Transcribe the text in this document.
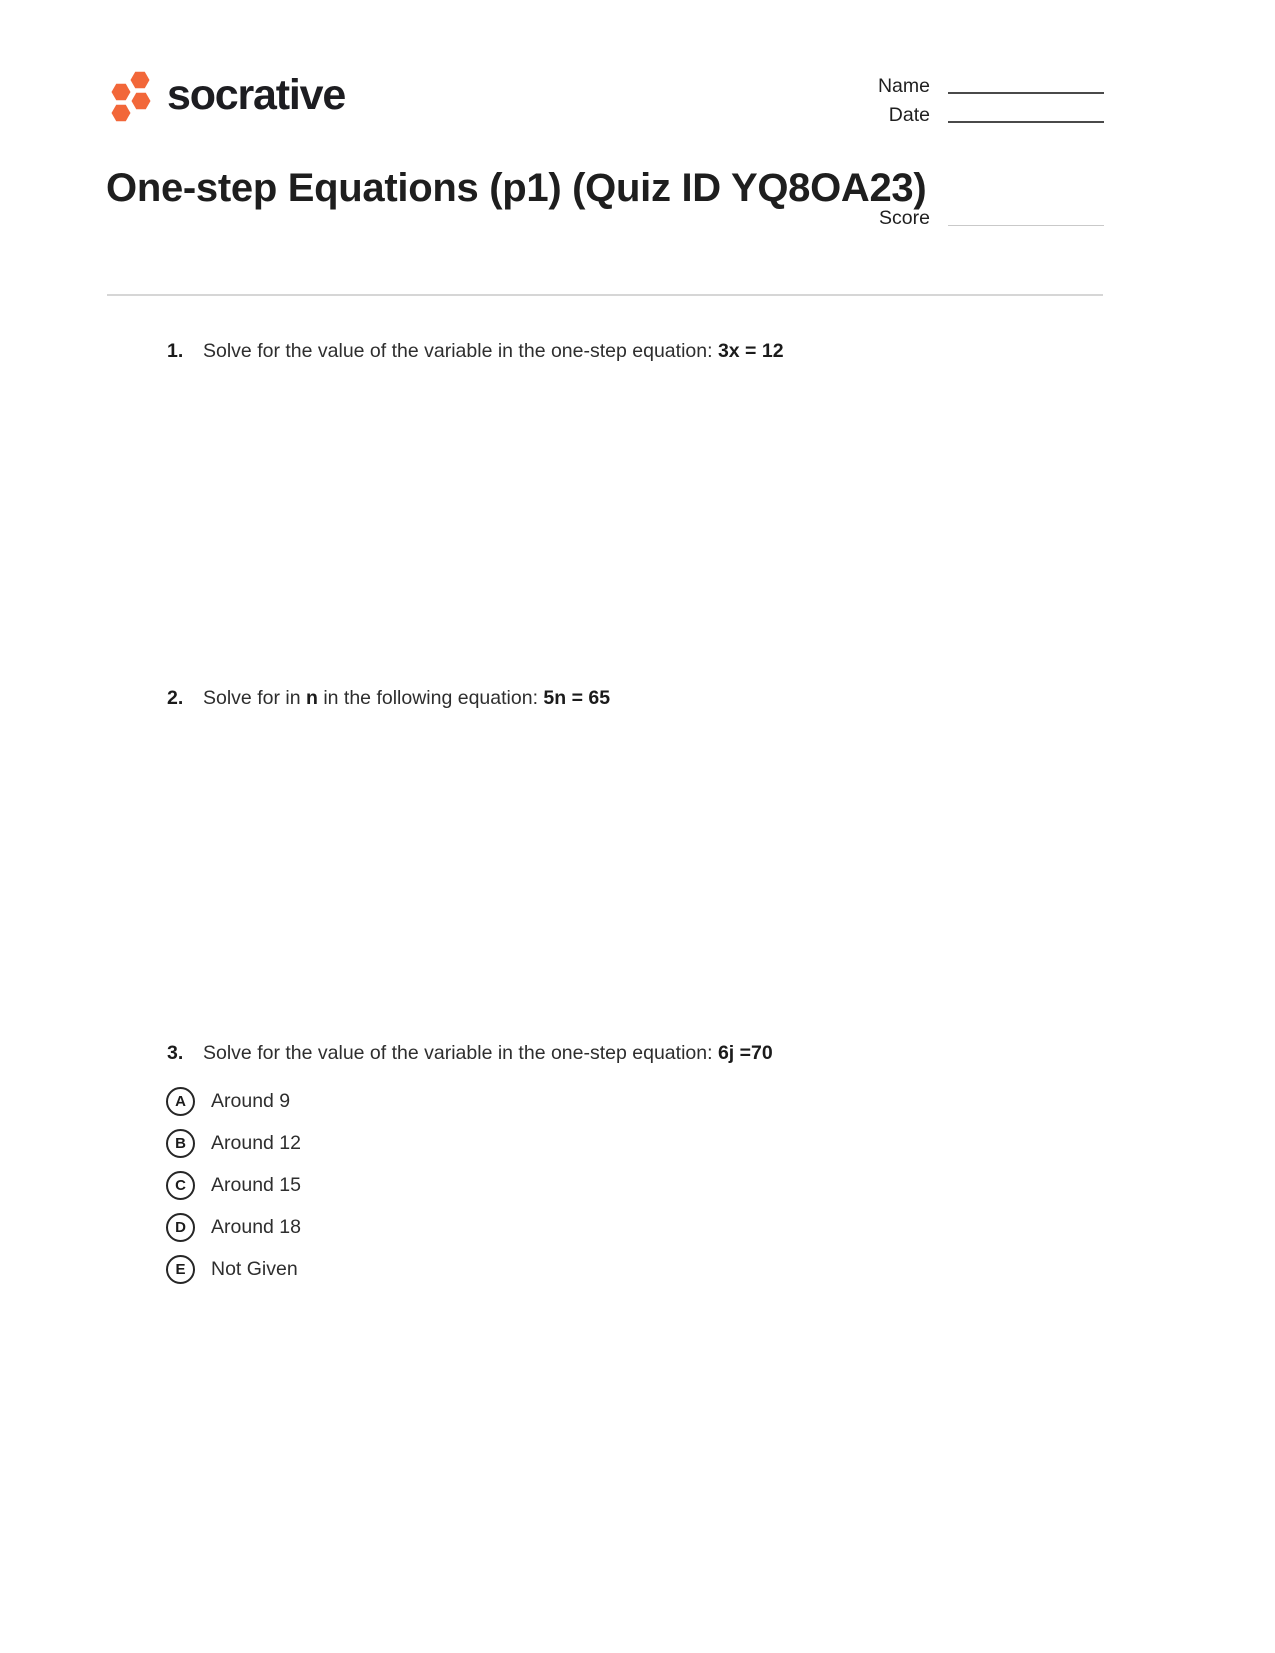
socrative	Name
Date
Score
One-step Equations (p1) (Quiz ID YQ8OA23)
1. Solve for the value of the variable in the one-step equation: 3x = 12
2. Solve for in n in the following equation: 5n = 65
3. Solve for the value of the variable in the one-step equation: 6j =70
A Around 9
B Around 12
C Around 15
D Around 18
E Not Given
